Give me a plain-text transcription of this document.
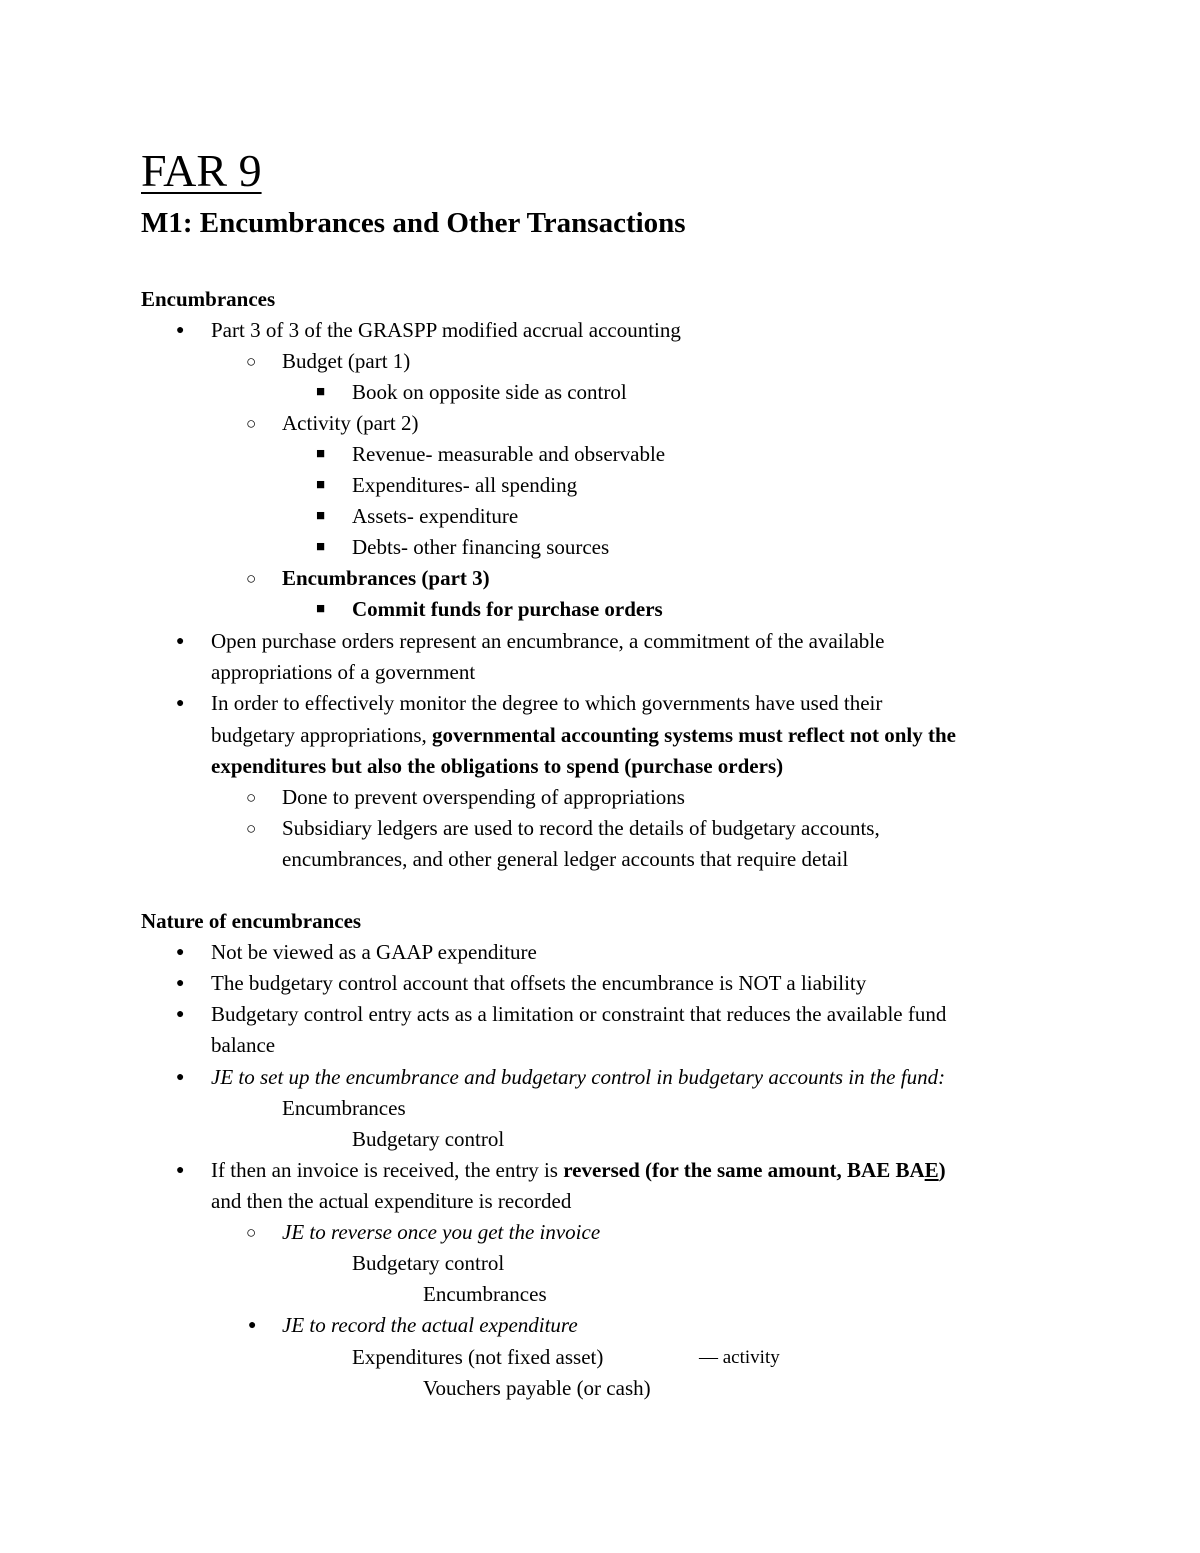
FAR 9
M1: Encumbrances and Other Transactions
Encumbrances
● Part 3 of 3 of the GRASPP modified accrual accounting
○ Budget (part 1)
■ Book on opposite side as control
○ Activity (part 2)
■ Revenue- measurable and observable
■ Expenditures- all spending
■ Assets- expenditure
■ Debts- other financing sources
○ Encumbrances (part 3)
■ Commit funds for purchase orders
● Open purchase orders represent an encumbrance, a commitment of the available
appropriations of a government
● In order to effectively monitor the degree to which governments have used their
budgetary appropriations, governmental accounting systems must reflect not only the
expenditures but also the obligations to spend (purchase orders)
○ Done to prevent overspending of appropriations
○ Subsidiary ledgers are used to record the details of budgetary accounts,
encumbrances, and other general ledger accounts that require detail
Nature of encumbrances
● Not be viewed as a GAAP expenditure
● The budgetary control account that offsets the encumbrance is NOT a liability
● Budgetary control entry acts as a limitation or constraint that reduces the available fund
balance
● JE to set up the encumbrance and budgetary control in budgetary accounts in the fund:
Encumbrances
Budgetary control
● If then an invoice is received, the entry is reversed (for the same amount, BAE BAE)
and then the actual expenditure is recorded
○ JE to reverse once you get the invoice
Budgetary control
Encumbrances
● JE to record the actual expenditure
Expenditures (not fixed asset)	— activity
Vouchers payable (or cash)
